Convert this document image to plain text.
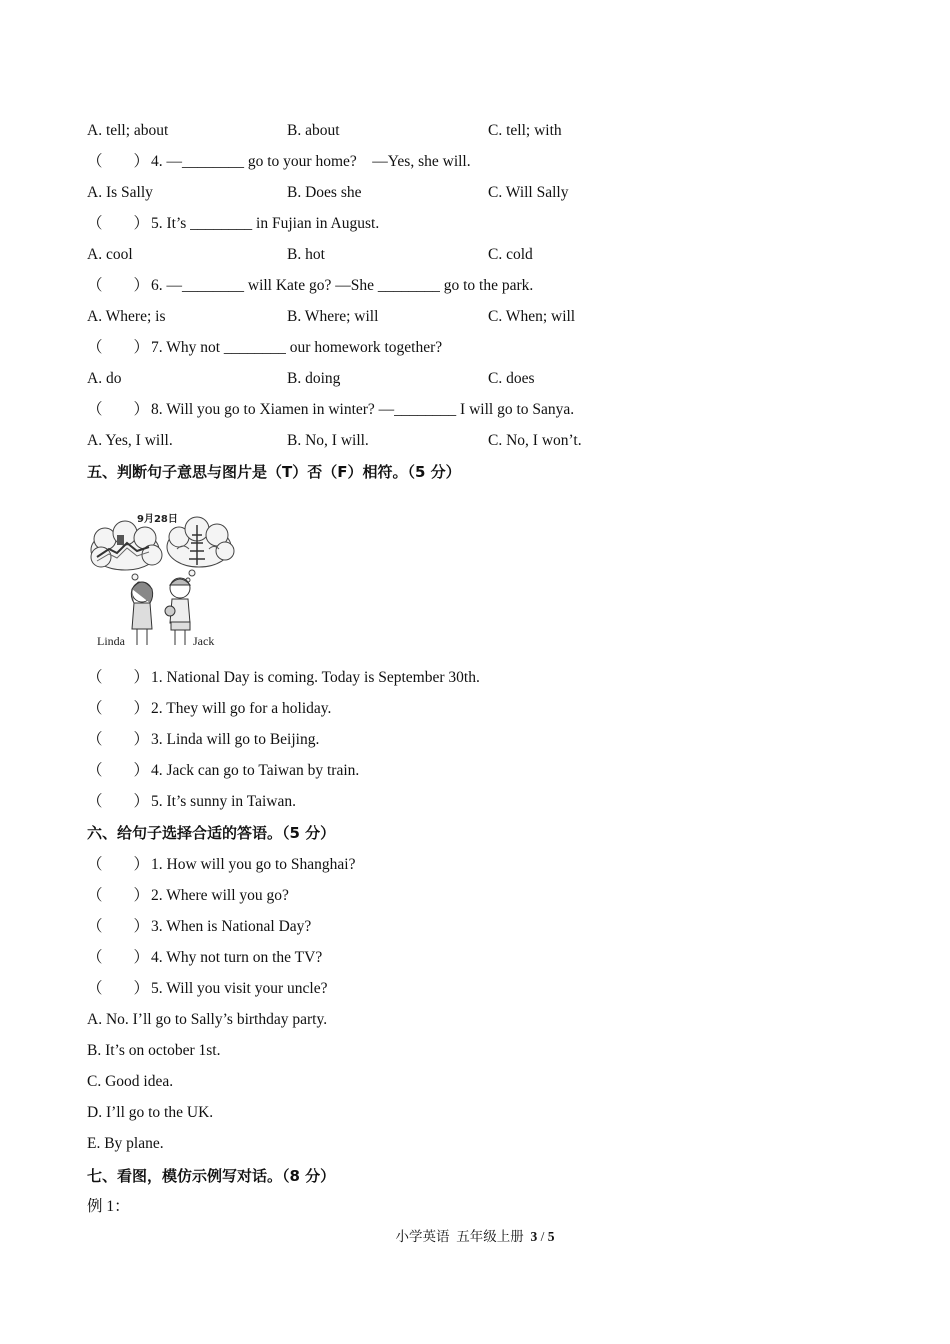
A. tell; about	B. about	C. tell; with
（　　） 4. —________ go to your home?　—Yes, she will.
A. Is Sally	B. Does she	C. Will Sally
（　　） 5. It’s ________ in Fujian in August.
A. cool	B. hot	C. cold
（　　） 6. —________ will Kate go? —She ________ go to the park.
A. Where; is	B. Where; will	C. When; will
（　　） 7. Why not ________ our homework together?
A. do	B. doing	C. does
（　　） 8. Will you go to Xiamen in winter? —________ I will go to Sanya.
A. Yes, I will.	B. No, I will.	C. No, I won’t.
五、判断句子意思与图片是（T）否（F）相符。（5 分）
9月28日
Linda	Jack
（　　） 1. National Day is coming. Today is September 30th.
（　　） 2. They will go for a holiday.
（　　） 3. Linda will go to Beijing.
（　　） 4. Jack can go to Taiwan by train.
（　　） 5. It’s sunny in Taiwan.
六、给句子选择合适的答语。（5 分）
（　　） 1. How will you go to Shanghai?
（　　） 2. Where will you go?
（　　） 3. When is National Day?
（　　） 4. Why not turn on the TV?
（　　） 5. Will you visit your uncle?
A. No. I’ll go to Sally’s birthday party.
B. It’s on october 1st.
C. Good idea.
D. I’ll go to the UK.
E. By plane.
七、看图，模仿示例写对话。（8 分）
例 1：
小学英语 五年级上册 3 / 5
